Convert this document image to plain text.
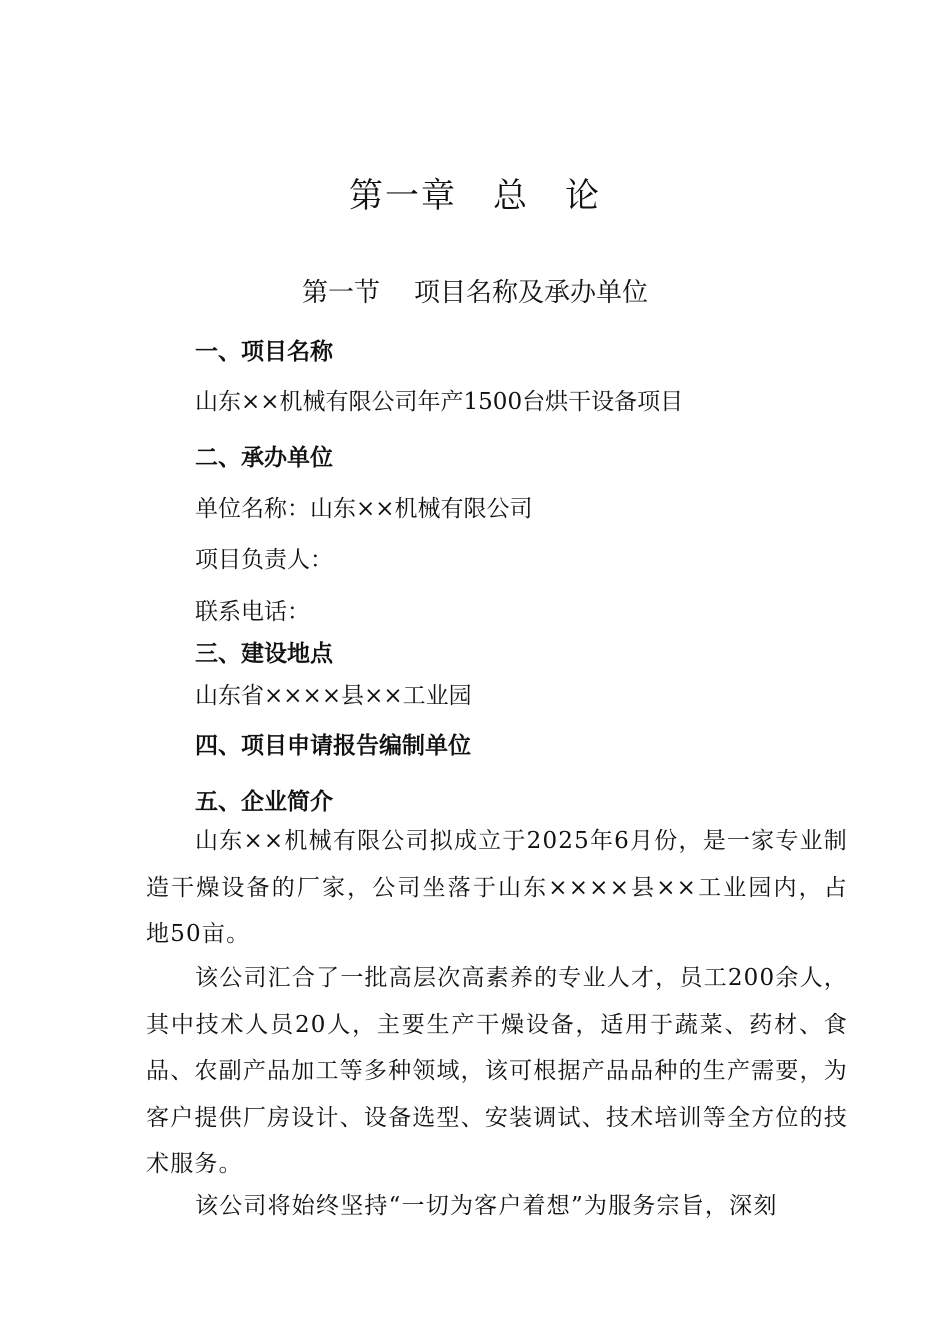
第一章 总 论
第一节 项目名称及承办单位
一、项目名称
山东××机械有限公司年产1500台烘干设备项目
二、承办单位
单位名称：山东××机械有限公司
项目负责人：
联系电话：
三、建设地点
山东省××××县××工业园
四、项目申请报告编制单位
五、企业简介

山东××机械有限公司拟成立于2025年6月份，是一家专业制造干燥设备的厂家，公司坐落于山东××××县××工业园内，占地50亩。

该公司汇合了一批高层次高素养的专业人才，员工200余人，其中技术人员20人，主要生产干燥设备，适用于蔬菜、药材、食品、农副产品加工等多种领域，该可根据产品品种的生产需要，为客户提供厂房设计、设备选型、安装调试、技术培训等全方位的技术服务。

该公司将始终坚持“一切为客户着想”为服务宗旨，深刻
